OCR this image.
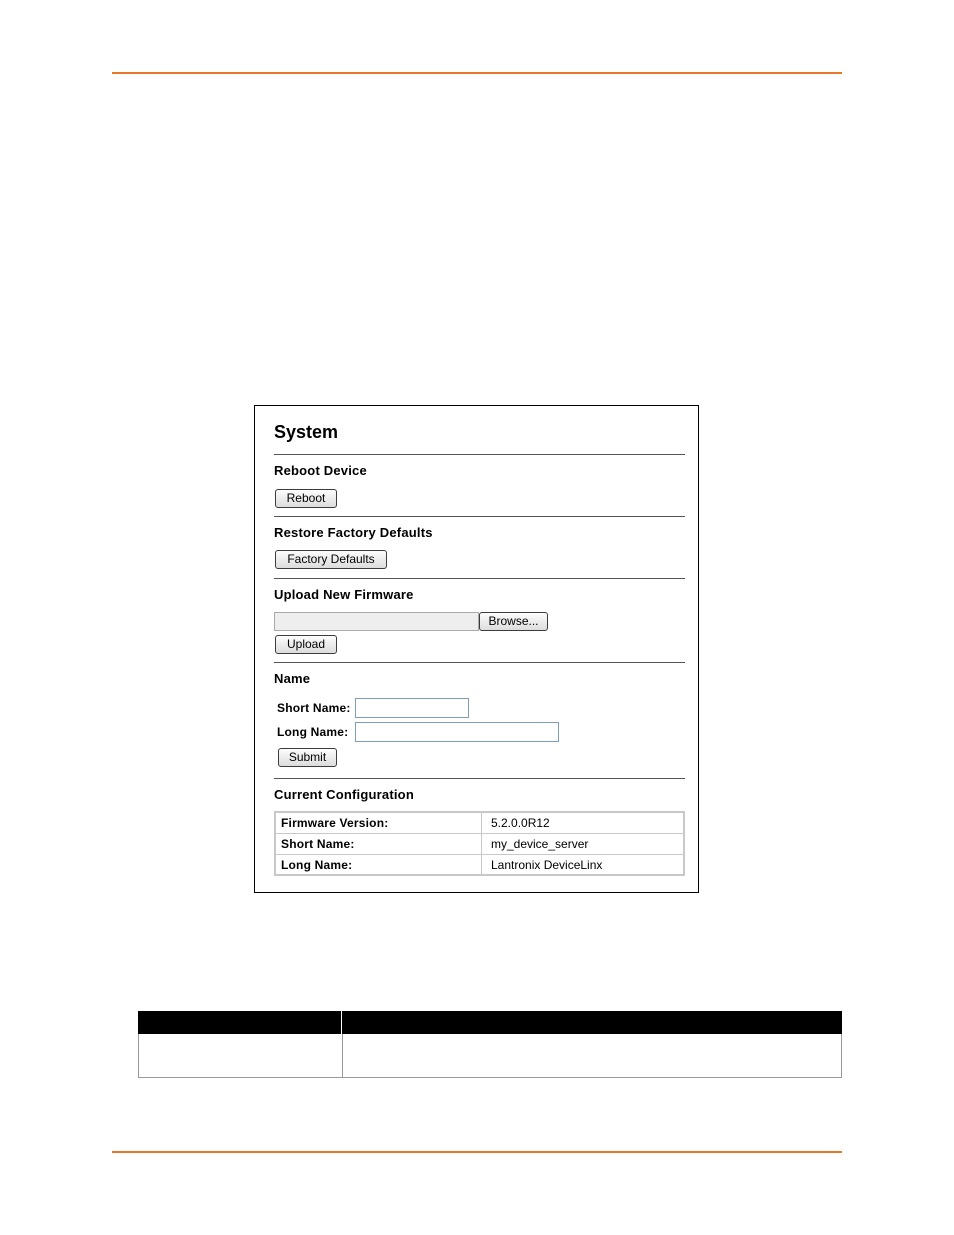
System
Reboot Device
Reboot
Restore Factory Defaults
Factory Defaults
Upload New Firmware
Browse...
Upload
Name
Short Name:
Long Name:
Submit
Current Configuration
Firmware Version:	5.2.0.0R12
Short Name:	my_device_server
Long Name:	Lantronix DeviceLinx
